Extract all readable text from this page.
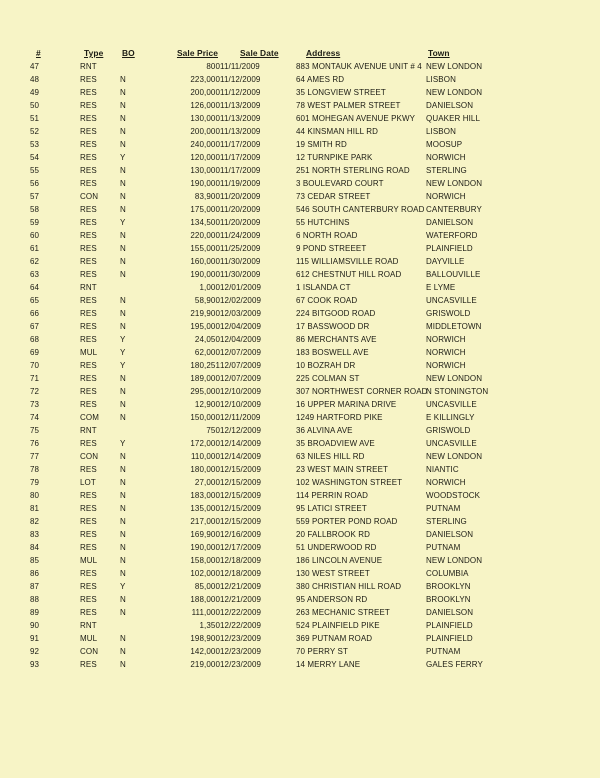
#	Type	BO	Sale Price	Sale Date	Address	Town
47	RNT		800	11/11/2009	883 MONTAUK AVENUE UNIT # 4	NEW LONDON
48	RES	N	223,000	11/12/2009	64 AMES RD	LISBON
49	RES	N	200,000	11/12/2009	35 LONGVIEW STREET	NEW LONDON
50	RES	N	126,000	11/13/2009	78 WEST PALMER STREET	DANIELSON
51	RES	N	130,000	11/13/2009	601 MOHEGAN AVENUE PKWY	QUAKER HILL
52	RES	N	200,000	11/13/2009	44 KINSMAN HILL RD	LISBON
53	RES	N	240,000	11/17/2009	19 SMITH RD	MOOSUP
54	RES	Y	120,000	11/17/2009	12 TURNPIKE PARK	NORWICH
55	RES	N	130,000	11/17/2009	251 NORTH STERLING ROAD	STERLING
56	RES	N	190,000	11/19/2009	3 BOULEVARD COURT	NEW LONDON
57	CON	N	83,900	11/20/2009	73 CEDAR STREET	NORWICH
58	RES	N	175,000	11/20/2009	546 SOUTH CANTERBURY ROAD	CANTERBURY
59	RES	Y	134,500	11/20/2009	55 HUTCHINS	DANIELSON
60	RES	N	220,000	11/24/2009	6 NORTH ROAD	WATERFORD
61	RES	N	155,000	11/25/2009	9 POND STREEET	PLAINFIELD
62	RES	N	160,000	11/30/2009	115 WILLIAMSVILLE ROAD	DAYVILLE
63	RES	N	190,000	11/30/2009	612 CHESTNUT HILL ROAD	BALLOUVILLE
64	RNT		1,000	12/01/2009	1 ISLANDA CT	E LYME
65	RES	N	58,900	12/02/2009	67 COOK ROAD	UNCASVILLE
66	RES	N	219,900	12/03/2009	224 BITGOOD ROAD	GRISWOLD
67	RES	N	195,000	12/04/2009	17 BASSWOOD DR	MIDDLETOWN
68	RES	Y	24,050	12/04/2009	86 MERCHANTS AVE	NORWICH
69	MUL	Y	62,000	12/07/2009	183 BOSWELL AVE	NORWICH
70	RES	Y	180,251	12/07/2009	10 BOZRAH DR	NORWICH
71	RES	N	189,000	12/07/2009	225 COLMAN ST	NEW LONDON
72	RES	N	295,000	12/10/2009	307 NORTHWEST CORNER ROAD	N STONINGTON
73	RES	N	12,900	12/10/2009	16 UPPER MARINA DRIVE	UNCASVILLE
74	COM	N	150,000	12/11/2009	1249 HARTFORD PIKE	E KILLINGLY
75	RNT		750	12/12/2009	36 ALVINA AVE	GRISWOLD
76	RES	Y	172,000	12/14/2009	35 BROADVIEW AVE	UNCASVILLE
77	CON	N	110,000	12/14/2009	63 NILES HILL RD	NEW LONDON
78	RES	N	180,000	12/15/2009	23 WEST MAIN STREET	NIANTIC
79	LOT	N	27,000	12/15/2009	102 WASHINGTON STREET	NORWICH
80	RES	N	183,000	12/15/2009	114 PERRIN ROAD	WOODSTOCK
81	RES	N	135,000	12/15/2009	95 LATICI STREET	PUTNAM
82	RES	N	217,000	12/15/2009	559 PORTER POND ROAD	STERLING
83	RES	N	169,900	12/16/2009	20 FALLBROOK RD	DANIELSON
84	RES	N	190,000	12/17/2009	51 UNDERWOOD RD	PUTNAM
85	MUL	N	158,000	12/18/2009	186 LINCOLN AVENUE	NEW LONDON
86	RES	N	102,000	12/18/2009	130 WEST STREET	COLUMBIA
87	RES	Y	85,000	12/21/2009	380 CHRISTIAN HILL ROAD	BROOKLYN
88	RES	N	188,000	12/21/2009	95 ANDERSON RD	BROOKLYN
89	RES	N	111,000	12/22/2009	263 MECHANIC STREET	DANIELSON
90	RNT		1,350	12/22/2009	524 PLAINFIELD PIKE	PLAINFIELD
91	MUL	N	198,900	12/23/2009	369 PUTNAM ROAD	PLAINFIELD
92	CON	N	142,000	12/23/2009	70 PERRY ST	PUTNAM
93	RES	N	219,000	12/23/2009	14 MERRY LANE	GALES FERRY
